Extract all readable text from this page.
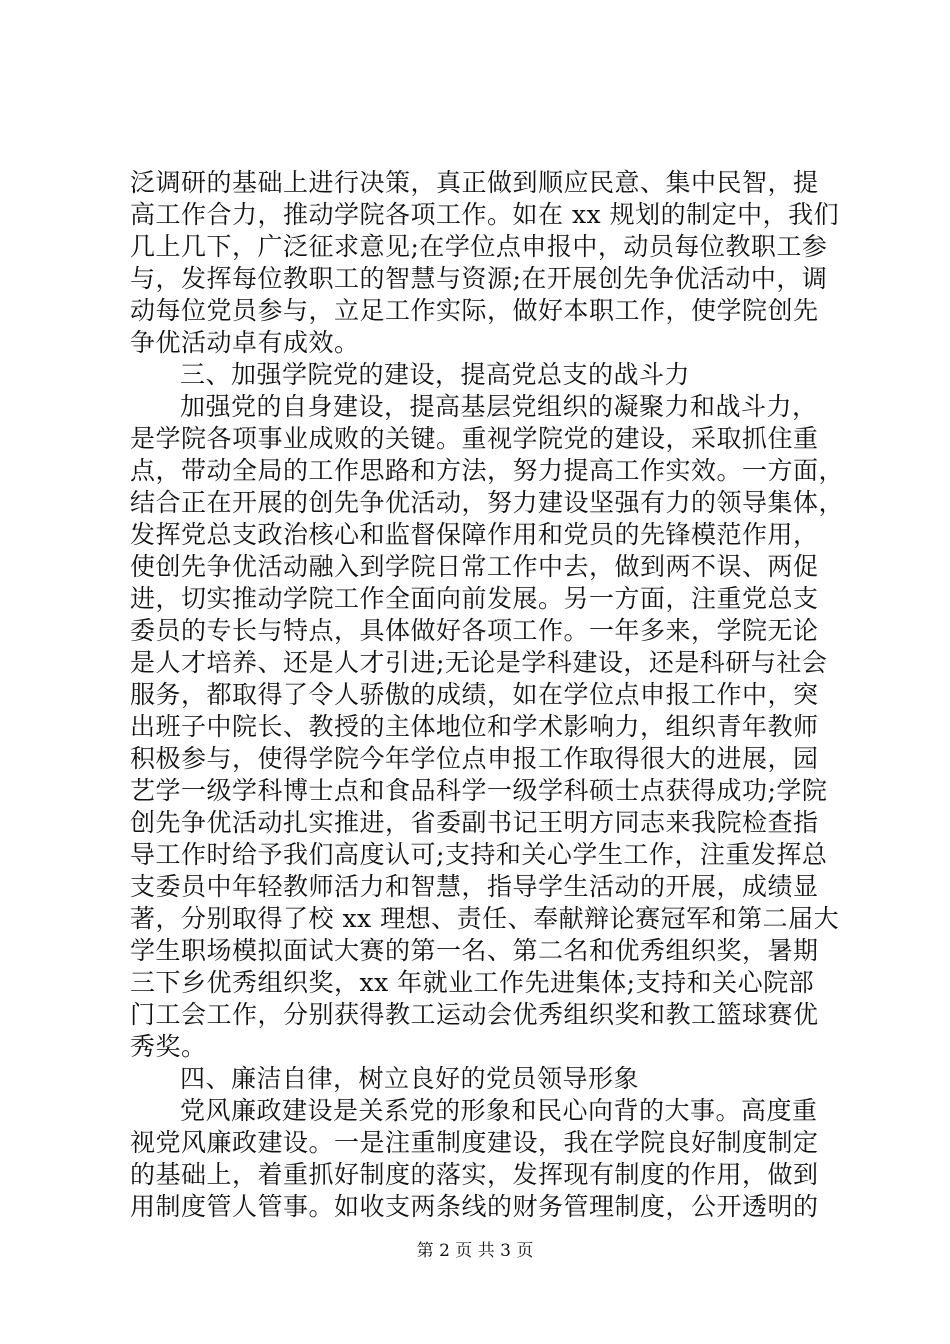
泛调研的基础上进行决策，真正做到顺应民意、集中民智，提
高工作合力，推动学院各项工作。如在 xx 规划的制定中，我们
几上几下，广泛征求意见;在学位点申报中，动员每位教职工参
与，发挥每位教职工的智慧与资源;在开展创先争优活动中，调
动每位党员参与，立足工作实际，做好本职工作，使学院创先
争优活动卓有成效。
三、加强学院党的建设，提高党总支的战斗力
加强党的自身建设，提高基层党组织的凝聚力和战斗力，
是学院各项事业成败的关键。重视学院党的建设，采取抓住重
点，带动全局的工作思路和方法，努力提高工作实效。一方面，
结合正在开展的创先争优活动，努力建设坚强有力的领导集体，
发挥党总支政治核心和监督保障作用和党员的先锋模范作用，
使创先争优活动融入到学院日常工作中去，做到两不误、两促
进，切实推动学院工作全面向前发展。另一方面，注重党总支
委员的专长与特点，具体做好各项工作。一年多来，学院无论
是人才培养、还是人才引进;无论是学科建设，还是科研与社会
服务，都取得了令人骄傲的成绩，如在学位点申报工作中，突
出班子中院长、教授的主体地位和学术影响力，组织青年教师
积极参与，使得学院今年学位点申报工作取得很大的进展，园
艺学一级学科博士点和食品科学一级学科硕士点获得成功;学院
创先争优活动扎实推进，省委副书记王明方同志来我院检查指
导工作时给予我们高度认可;支持和关心学生工作，注重发挥总
支委员中年轻教师活力和智慧，指导学生活动的开展，成绩显
著，分别取得了校 xx 理想、责任、奉献辩论赛冠军和第二届大
学生职场模拟面试大赛的第一名、第二名和优秀组织奖，暑期
三下乡优秀组织奖，xx 年就业工作先进集体;支持和关心院部
门工会工作，分别获得教工运动会优秀组织奖和教工篮球赛优
秀奖。
四、廉洁自律，树立良好的党员领导形象
党风廉政建设是关系党的形象和民心向背的大事。高度重
视党风廉政建设。一是注重制度建设，我在学院良好制度制定
的基础上，着重抓好制度的落实，发挥现有制度的作用，做到
用制度管人管事。如收支两条线的财务管理制度，公开透明的
第 2 页 共 3 页
